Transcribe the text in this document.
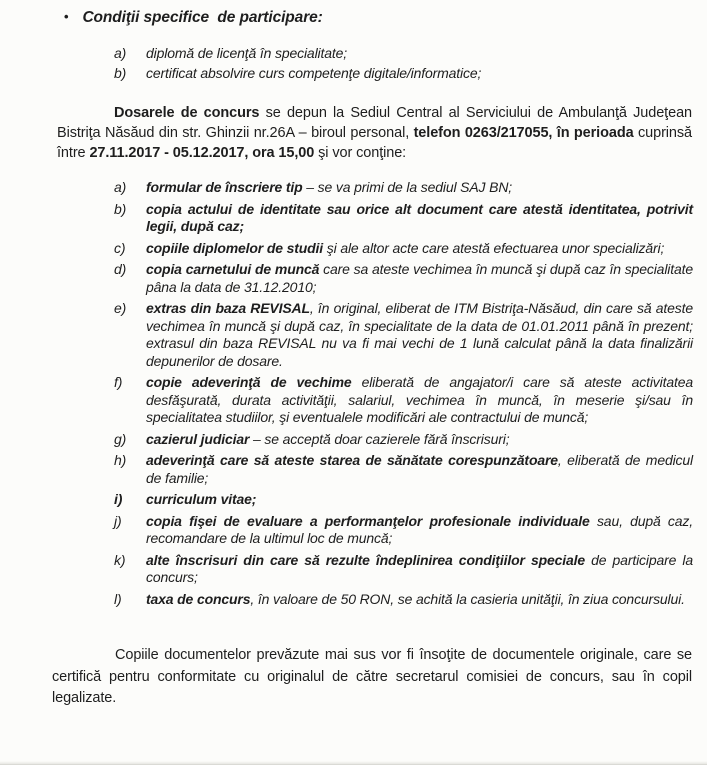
• Condiţii specifice  de participare:
a) diplomă de licenţă în specialitate;
b) certificat absolvire curs competenţe digitale/informatice;

Dosarele de concurs se depun la Sediul Central al Serviciului de Ambulanţă Judeţean Bistriţa Năsăud din str. Ghinzii nr.26A – biroul personal, telefon 0263/217055, în perioada cuprinsă între 27.11.2017 - 05.12.2017, ora 15,00 şi vor conţine:

a) formular de înscriere tip – se va primi de la sediul SAJ BN;
b) copia actului de identitate sau orice alt document care atestă identitatea, potrivit legii, după caz;
c) copiile diplomelor de studii şi ale altor acte care atestă efectuarea unor specializări;
d) copia carnetului de muncă care sa ateste vechimea în muncă şi după caz în specialitate pâna la data de 31.12.2010;
e) extras din baza REVISAL, în original, eliberat de ITM Bistriţa-Năsăud, din care să ateste vechimea în muncă şi după caz, în specialitate de la data de 01.01.2011 până în prezent; extrasul din baza REVISAL nu va fi mai vechi de 1 lună calculat până la data finalizării depunerilor de dosare.
f) copie adeverinţă de vechime eliberată de angajator/i care să ateste activitatea desfăşurată, durata activităţii, salariul, vechimea în muncă, în meserie şi/sau în specialitatea studiilor, şi eventualele modificări ale contractului de muncă;
g) cazierul judiciar – se acceptă doar cazierele fără înscrisuri;
h) adeverinţă care să ateste starea de sănătate corespunzătoare, eliberată de medicul de familie;
i) curriculum vitae;
j) copia fişei de evaluare a performanţelor profesionale individuale sau, după caz, recomandare de la ultimul loc de muncă;
k) alte înscrisuri din care să rezulte îndeplinirea condiţiilor speciale de participare la concurs;
l) taxa de concurs, în valoare de 50 RON, se achită la casieria unităţii, în ziua concursului.

Copiile documentelor prevăzute mai sus vor fi însoţite de documentele originale, care se certifică pentru conformitate cu originalul de către secretarul comisiei de concurs, sau în copil legalizate.
